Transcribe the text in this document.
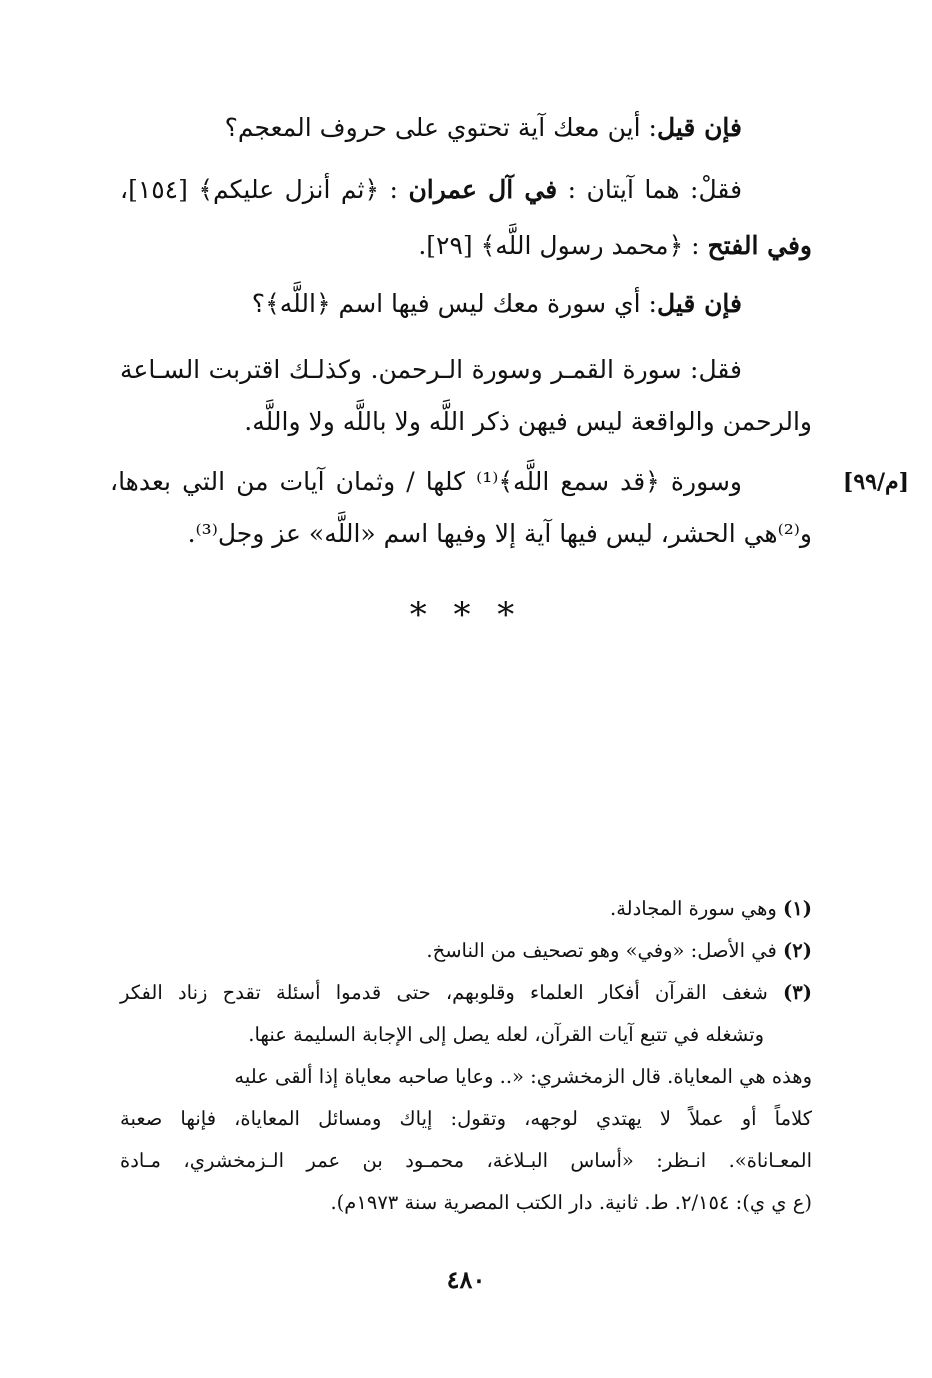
فإن قيل: أين معك آية تحتوي على حروف المعجم؟
فقلْ: هما آيتان : في آل عمران : ﴿ثم أنزل عليكم﴾ [١٥٤]،
وفي الفتح : ﴿محمد رسول اللَّه﴾ [٢٩].
فإن قيل: أي سورة معك ليس فيها اسم ﴿اللَّه﴾؟
فقل: سورة القمـر وسورة الـرحمن. وكذلـك اقتربت السـاعة
والرحمن والواقعة ليس فيهن ذكر اللَّه ولا باللَّه ولا واللَّه.
وسورة ﴿قد سمع اللَّه﴾⁽¹⁾ كلها / وثمان آيات من التي بعدها،
و⁽²⁾هي الحشر، ليس فيها آية إلا وفيها اسم «اللَّه» عز وجل⁽³⁾.
[م/٩٩]
* * *
(١) وهي سورة المجادلة.
(٢) في الأصل: «وفي» وهو تصحيف من الناسخ.
(٣) شغف القرآن أفكار العلماء وقلوبهم، حتى قدموا أسئلة تقدح زناد الفكر
وتشغله في تتبع آيات القرآن، لعله يصل إلى الإجابة السليمة عنها.
وهذه هي المعاياة. قال الزمخشري: «.. وعايا صاحبه معاياة إذا ألقى عليه
كلاماً أو عملاً لا يهتدي لوجهه، وتقول: إياك ومسائل المعاياة، فإنها صعبة
المعـاناة». انـظر: «أساس البـلاغة، محمـود بن عمر الـزمخشري، مـادة
(ع ي ي): ٢/١٥٤. ط. ثانية. دار الكتب المصرية سنة ١٩٧٣م).
٤٨٠
